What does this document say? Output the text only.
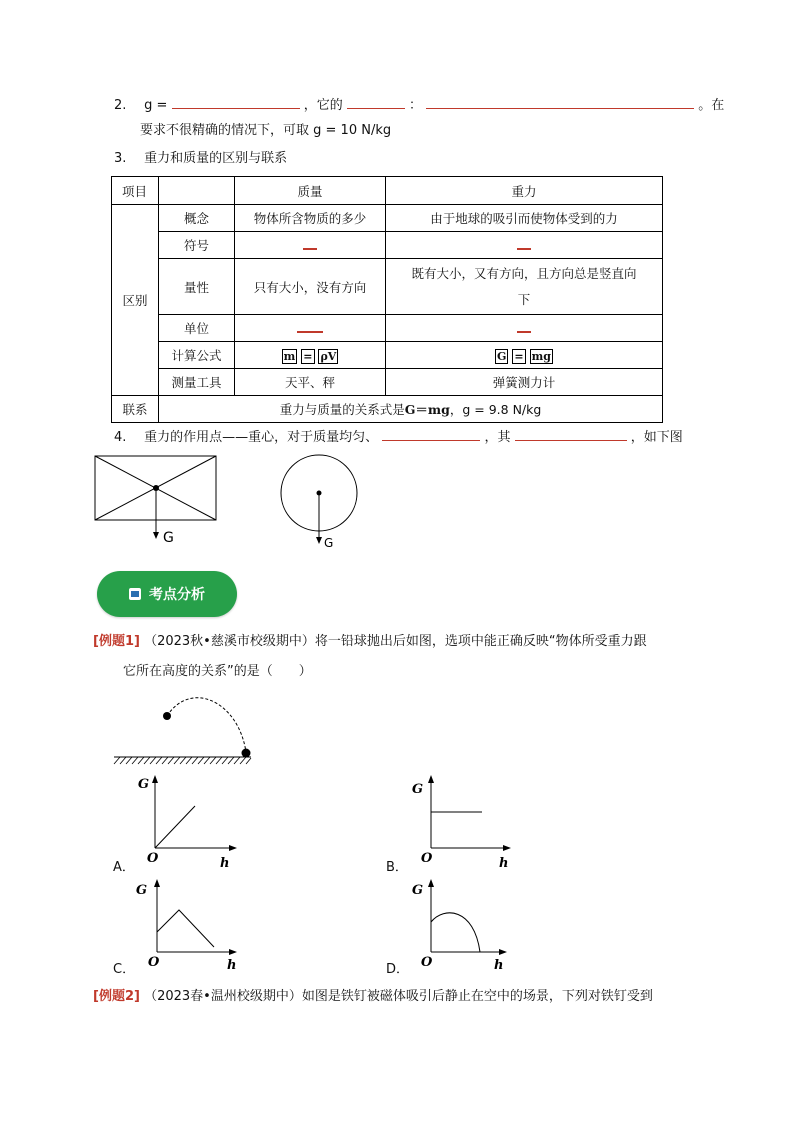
2. g =	，它的	：	。在
要求不很精确的情况下，可取 g = 10 N/kg
3. 重力和质量的区别与联系
项目		质量	重力
区别	概念	物体所含物质的多少	由于地球的吸引而使物体受到的力
	符号		
	量性	只有大小，没有方向	既有大小，又有方向，且方向总是竖直向
下

	单位		
	计算公式	m = ρV	G = mg
	测量工具	天平、秤	弹簧测力计
联系	重力与质量的关系式是G＝mg，g = 9.8 N/kg		
4. 重力的作用点——重心，对于质量均匀、	，其	，如下图
G	G
考点分析
[例题1] （2023秋•慈溪市校级期中）将一铅球抛出后如图，选项中能正确反映“物体所受重力跟
它所在高度的关系”的是（　　）
A．
G
O	h	B．
G
O	h
C．
G
O	h	D．
G
O	h
[例题2] （2023春•温州校级期中）如图是铁钉被磁体吸引后静止在空中的场景，下列对铁钉受到
